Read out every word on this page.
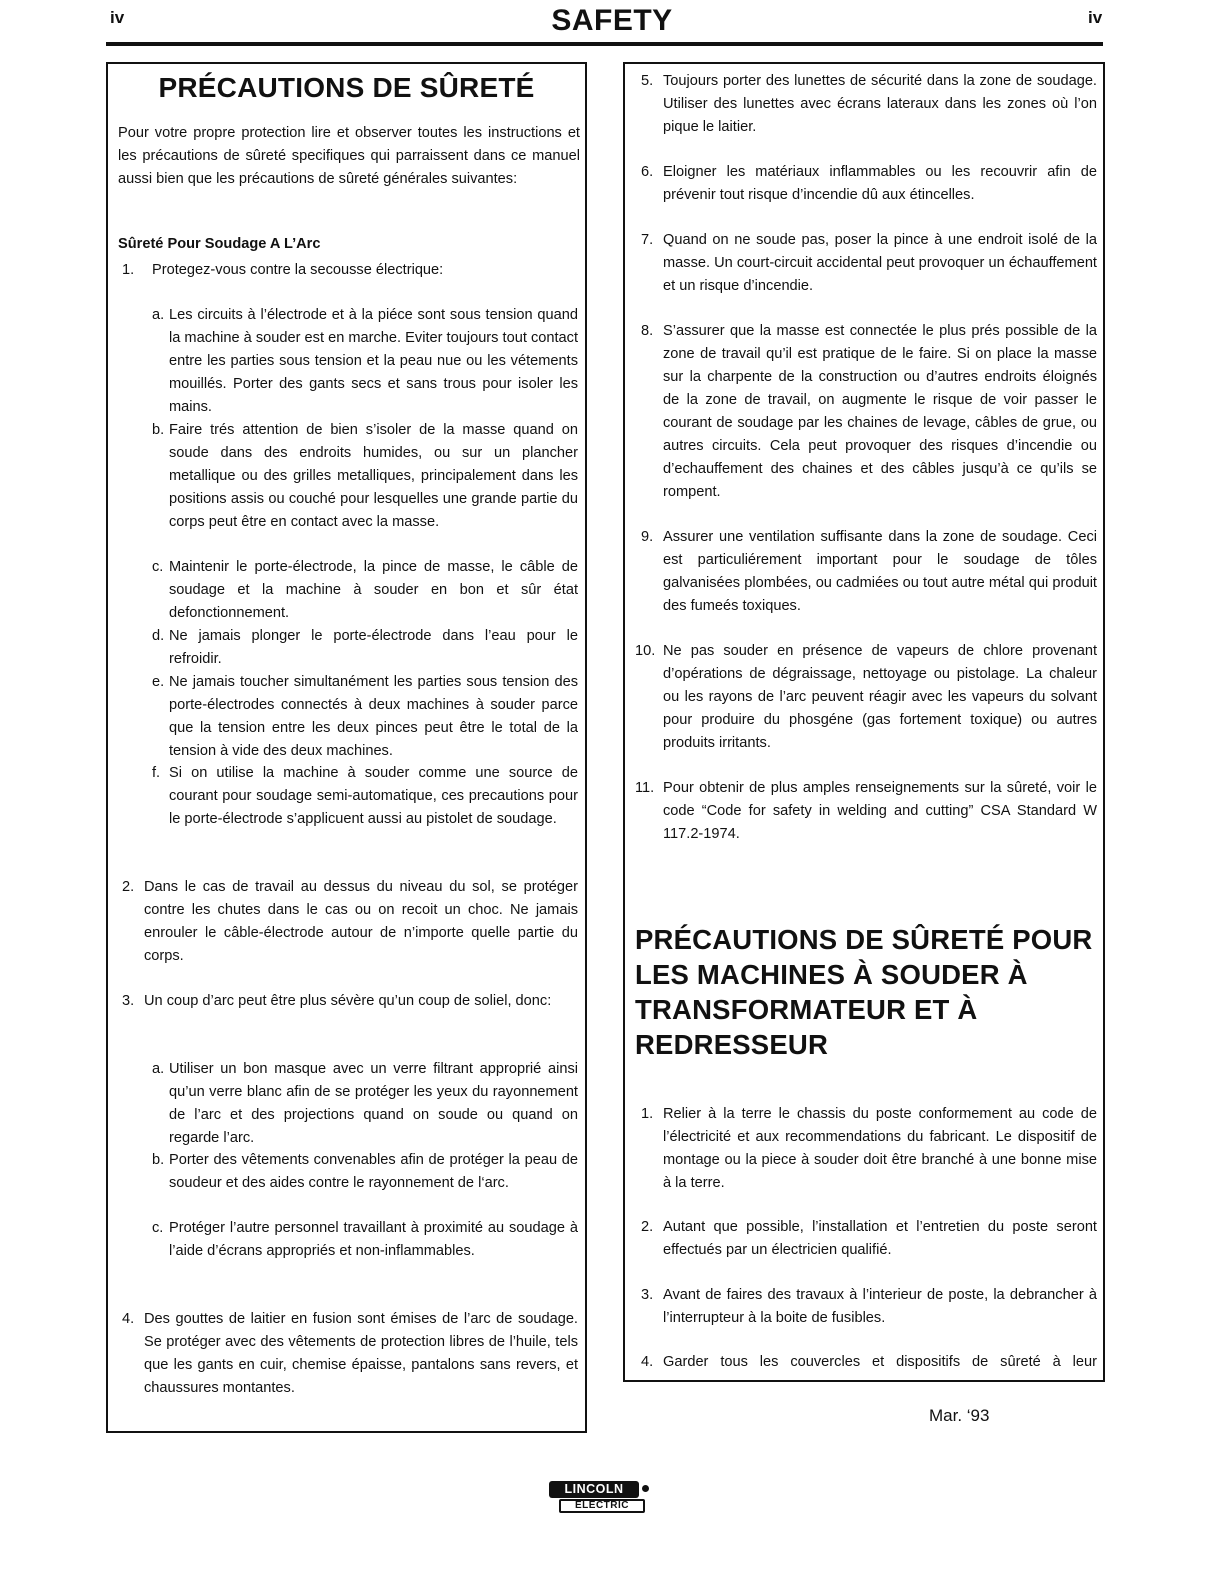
iv	SAFETY	iv
PRÉCAUTIONS DE SÛRETÉ
Pour votre propre protection lire et observer toutes les instructions et les précautions de sûreté specifiques qui parraissent dans ce manuel aussi bien que les précautions de sûreté générales suivantes:
Sûreté Pour Soudage A L’Arc
1. Protegez-vous contre la secousse électrique:
a. Les circuits à l’électrode et à la piéce sont sous tension quand la machine à souder est en marche. Eviter toujours tout contact entre les parties sous tension et la peau nue ou les vétements mouillés. Porter des gants secs et sans trous pour isoler les mains.
b. Faire trés attention de bien s’isoler de la masse quand on soude dans des endroits humides, ou sur un plancher metallique ou des grilles metalliques, principalement dans les positions assis ou couché pour lesquelles une grande partie du corps peut être en contact avec la masse.
c. Maintenir le porte-électrode, la pince de masse, le câble de soudage et la machine à souder en bon et sûr état defonctionnement.
d. Ne jamais plonger le porte-électrode dans l’eau pour le refroidir.
e. Ne jamais toucher simultanément les parties sous tension des porte-électrodes connectés à deux machines à souder parce que la tension entre les deux pinces peut être le total de la tension à vide des deux machines.
f. Si on utilise la machine à souder comme une source de courant pour soudage semi-automatique, ces precautions pour le porte-électrode s’applicuent aussi au pistolet de soudage.
2. Dans le cas de travail au dessus du niveau du sol, se protéger contre les chutes dans le cas ou on recoit un choc. Ne jamais enrouler le câble-électrode autour de n’importe quelle partie du corps.
3. Un coup d’arc peut être plus sévère qu’un coup de soliel, donc:
a. Utiliser un bon masque avec un verre filtrant approprié ainsi qu’un verre blanc afin de se protéger les yeux du rayonnement de l’arc et des projections quand on soude ou quand on regarde l’arc.
b. Porter des vêtements convenables afin de protéger la peau de soudeur et des aides contre le rayonnement de l‘arc.
c. Protéger l’autre personnel travaillant à proximité au soudage à l’aide d’écrans appropriés et non-inflammables.
4. Des gouttes de laitier en fusion sont émises de l’arc de soudage. Se protéger avec des vêtements de protection libres de l’huile, tels que les gants en cuir, chemise épaisse, pantalons sans revers, et chaussures montantes.
5. Toujours porter des lunettes de sécurité dans la zone de soudage. Utiliser des lunettes avec écrans lateraux dans les zones où l’on pique le laitier.
6. Eloigner les matériaux inflammables ou les recouvrir afin de prévenir tout risque d’incendie dû aux étincelles.
7. Quand on ne soude pas, poser la pince à une endroit isolé de la masse. Un court-circuit accidental peut provoquer un échauffement et un risque d’incendie.
8. S’assurer que la masse est connectée le plus prés possible de la zone de travail qu’il est pratique de le faire. Si on place la masse sur la charpente de la construction ou d’autres endroits éloignés de la zone de travail, on augmente le risque de voir passer le courant de soudage par les chaines de levage, câbles de grue, ou autres circuits. Cela peut provoquer des risques d’incendie ou d’echauffement des chaines et des câbles jusqu’à ce qu’ils se rompent.
9. Assurer une ventilation suffisante dans la zone de soudage. Ceci est particuliérement important pour le soudage de tôles galvanisées plombées, ou cadmiées ou tout autre métal qui produit des fumeés toxiques.
10. Ne pas souder en présence de vapeurs de chlore provenant d’opérations de dégraissage, nettoyage ou pistolage. La chaleur ou les rayons de l’arc peuvent réagir avec les vapeurs du solvant pour produire du phosgéne (gas fortement toxique) ou autres produits irritants.
11. Pour obtenir de plus amples renseignements sur la sûreté, voir le code “Code for safety in welding and cutting” CSA Standard W 117.2-1974.
PRÉCAUTIONS DE SÛRETÉ POUR LES MACHINES À SOUDER À TRANSFORMATEUR ET À REDRESSEUR
1. Relier à la terre le chassis du poste conformement au code de l’électricité et aux recommendations du fabricant. Le dispositif de montage ou la piece à souder doit être branché à une bonne mise à la terre.
2. Autant que possible, l’installation et l’entretien du poste seront effectués par un électricien qualifié.
3. Avant de faires des travaux à l’interieur de poste, la debrancher à l’interrupteur à la boite de fusibles.
4. Garder tous les couvercles et dispositifs de sûreté à leur
Mar. ‘93
LINCOLN
ELECTRIC
